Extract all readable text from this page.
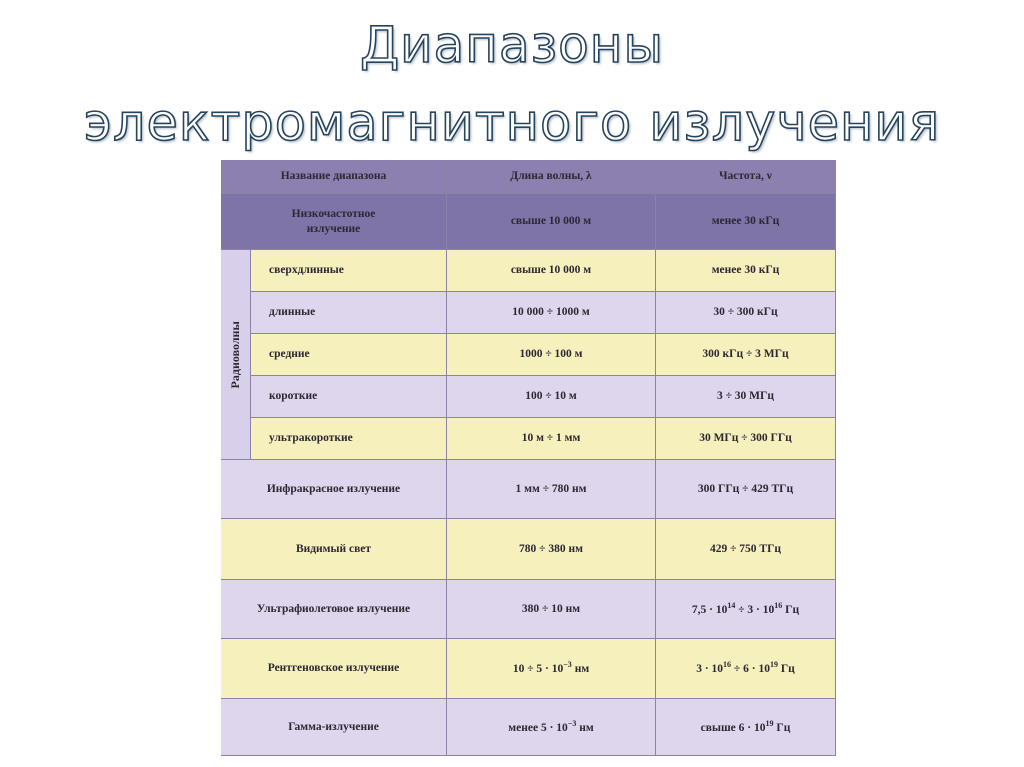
Диапазоны
электромагнитного излучения
Название диапазона	Длина волны, λ	Частота, ν
Низкочастотное
излучение
свыше 10 000 м	менее 30 кГц
Радиоволны
сверхдлинные	свыше 10 000 м	менее 30 кГц
длинные	10 000 ÷ 1000 м	30 ÷ 300 кГц
средние	1000 ÷ 100 м	300 кГц ÷ 3 МГц
короткие	100 ÷ 10 м	3 ÷ 30 МГц
ультракороткие	10 м ÷ 1 мм	30 МГц ÷ 300 ГГц
Инфракрасное излучение	1 мм ÷ 780 нм	300 ГГц ÷ 429 ТГц
Видимый свет	780 ÷ 380 нм	429 ÷ 750 ТГц
Ультрафиолетовое излучение	380 ÷ 10 нм	$7,5 \cdot 10^{14} \div 3 \cdot 10^{16}$ Гц
Рентгеновское излучение	$10 \div 5 \cdot 10^{-3}$ нм	$3 \cdot 10^{16} \div 6 \cdot 10^{19}$ Гц
Гамма-излучение	менее $5 \cdot 10^{-3}$ нм	свыше $6 \cdot 10^{19}$ Гц
